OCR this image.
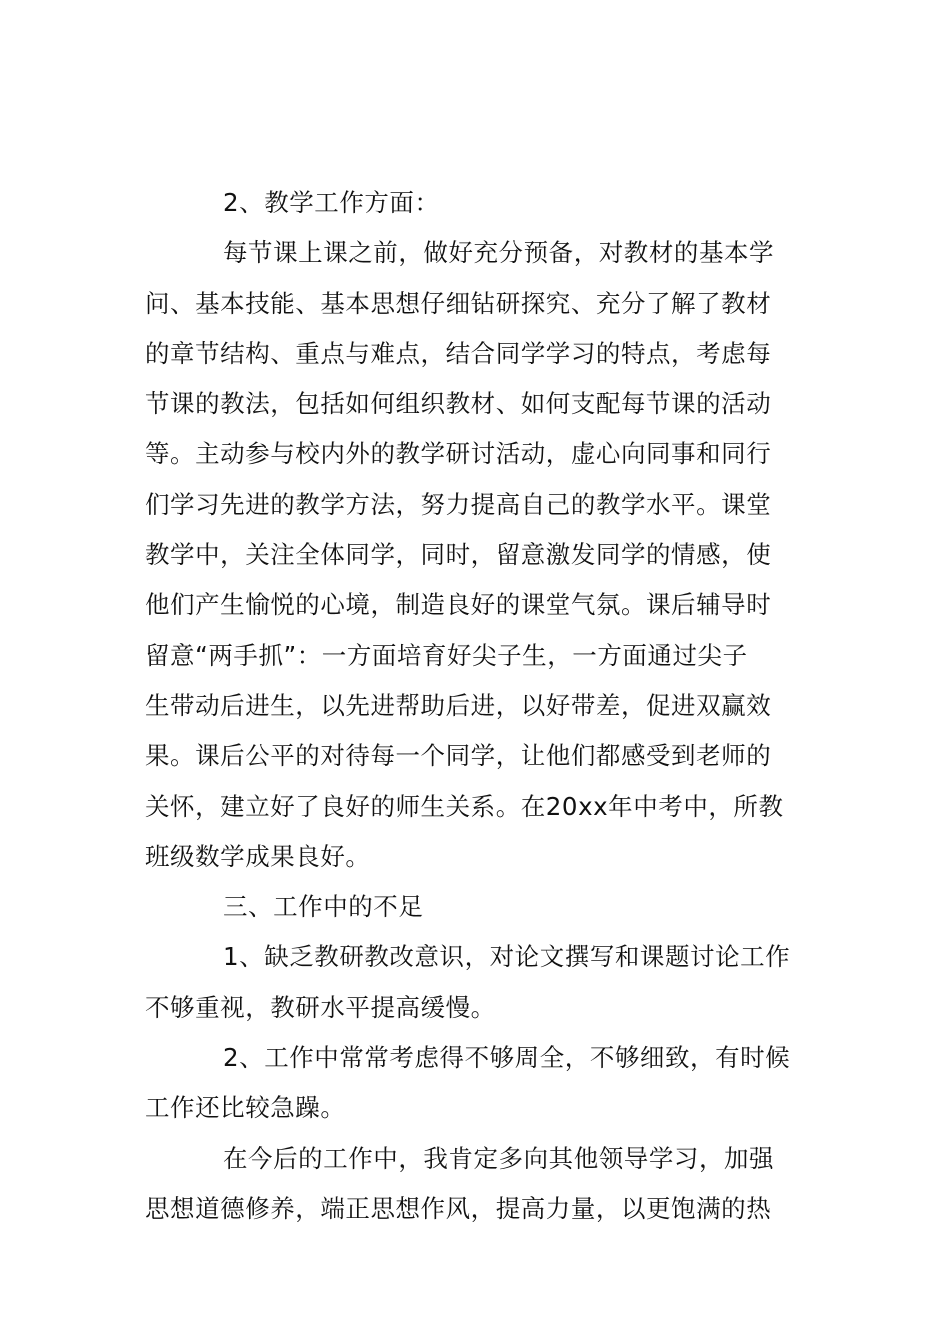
2、教学工作方面：
每节课上课之前，做好充分预备，对教材的基本学
问、基本技能、基本思想仔细钻研探究、充分了解了教材
的章节结构、重点与难点，结合同学学习的特点，考虑每
节课的教法，包括如何组织教材、如何支配每节课的活动
等。主动参与校内外的教学研讨活动，虚心向同事和同行
们学习先进的教学方法，努力提高自己的教学水平。课堂
教学中，关注全体同学，同时，留意激发同学的情感，使
他们产生愉悦的心境，制造良好的课堂气氛。课后辅导时
留意“两手抓”：一方面培育好尖子生，一方面通过尖子
生带动后进生，以先进帮助后进，以好带差，促进双赢效
果。课后公平的对待每一个同学，让他们都感受到老师的
关怀，建立好了良好的师生关系。在20xx年中考中，所教
班级数学成果良好。
三、工作中的不足
1、缺乏教研教改意识，对论文撰写和课题讨论工作
不够重视，教研水平提高缓慢。
2、工作中常常考虑得不够周全，不够细致，有时候
工作还比较急躁。
在今后的工作中，我肯定多向其他领导学习，加强
思想道德修养，端正思想作风，提高力量，以更饱满的热
